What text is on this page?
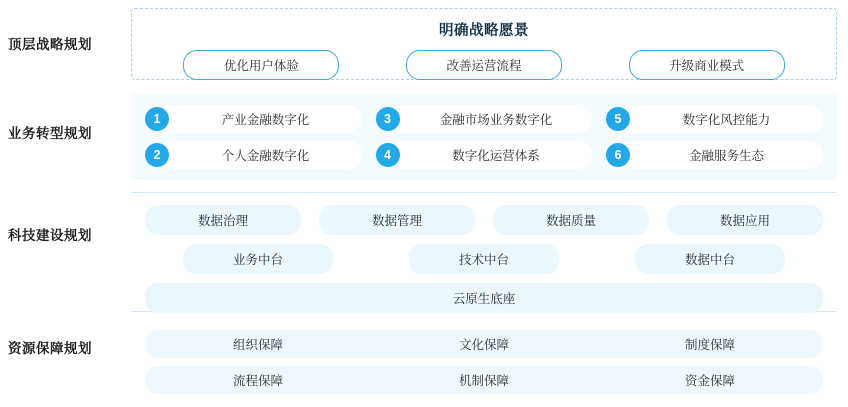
顶层战略规划
业务转型规划
科技建设规划
资源保障规划
明确战略愿景
优化用户体验	改善运营流程	升级商业模式
1	产业金融数字化	3	金融市场业务数字化	5	数字化风控能力
2	个人金融数字化	4	数字化运营体系	6	金融服务生态
数据治理	数据管理	数据质量	数据应用
业务中台	技术中台	数据中台
云原生底座
组织保障	文化保障	制度保障
流程保障	机制保障	资金保障
